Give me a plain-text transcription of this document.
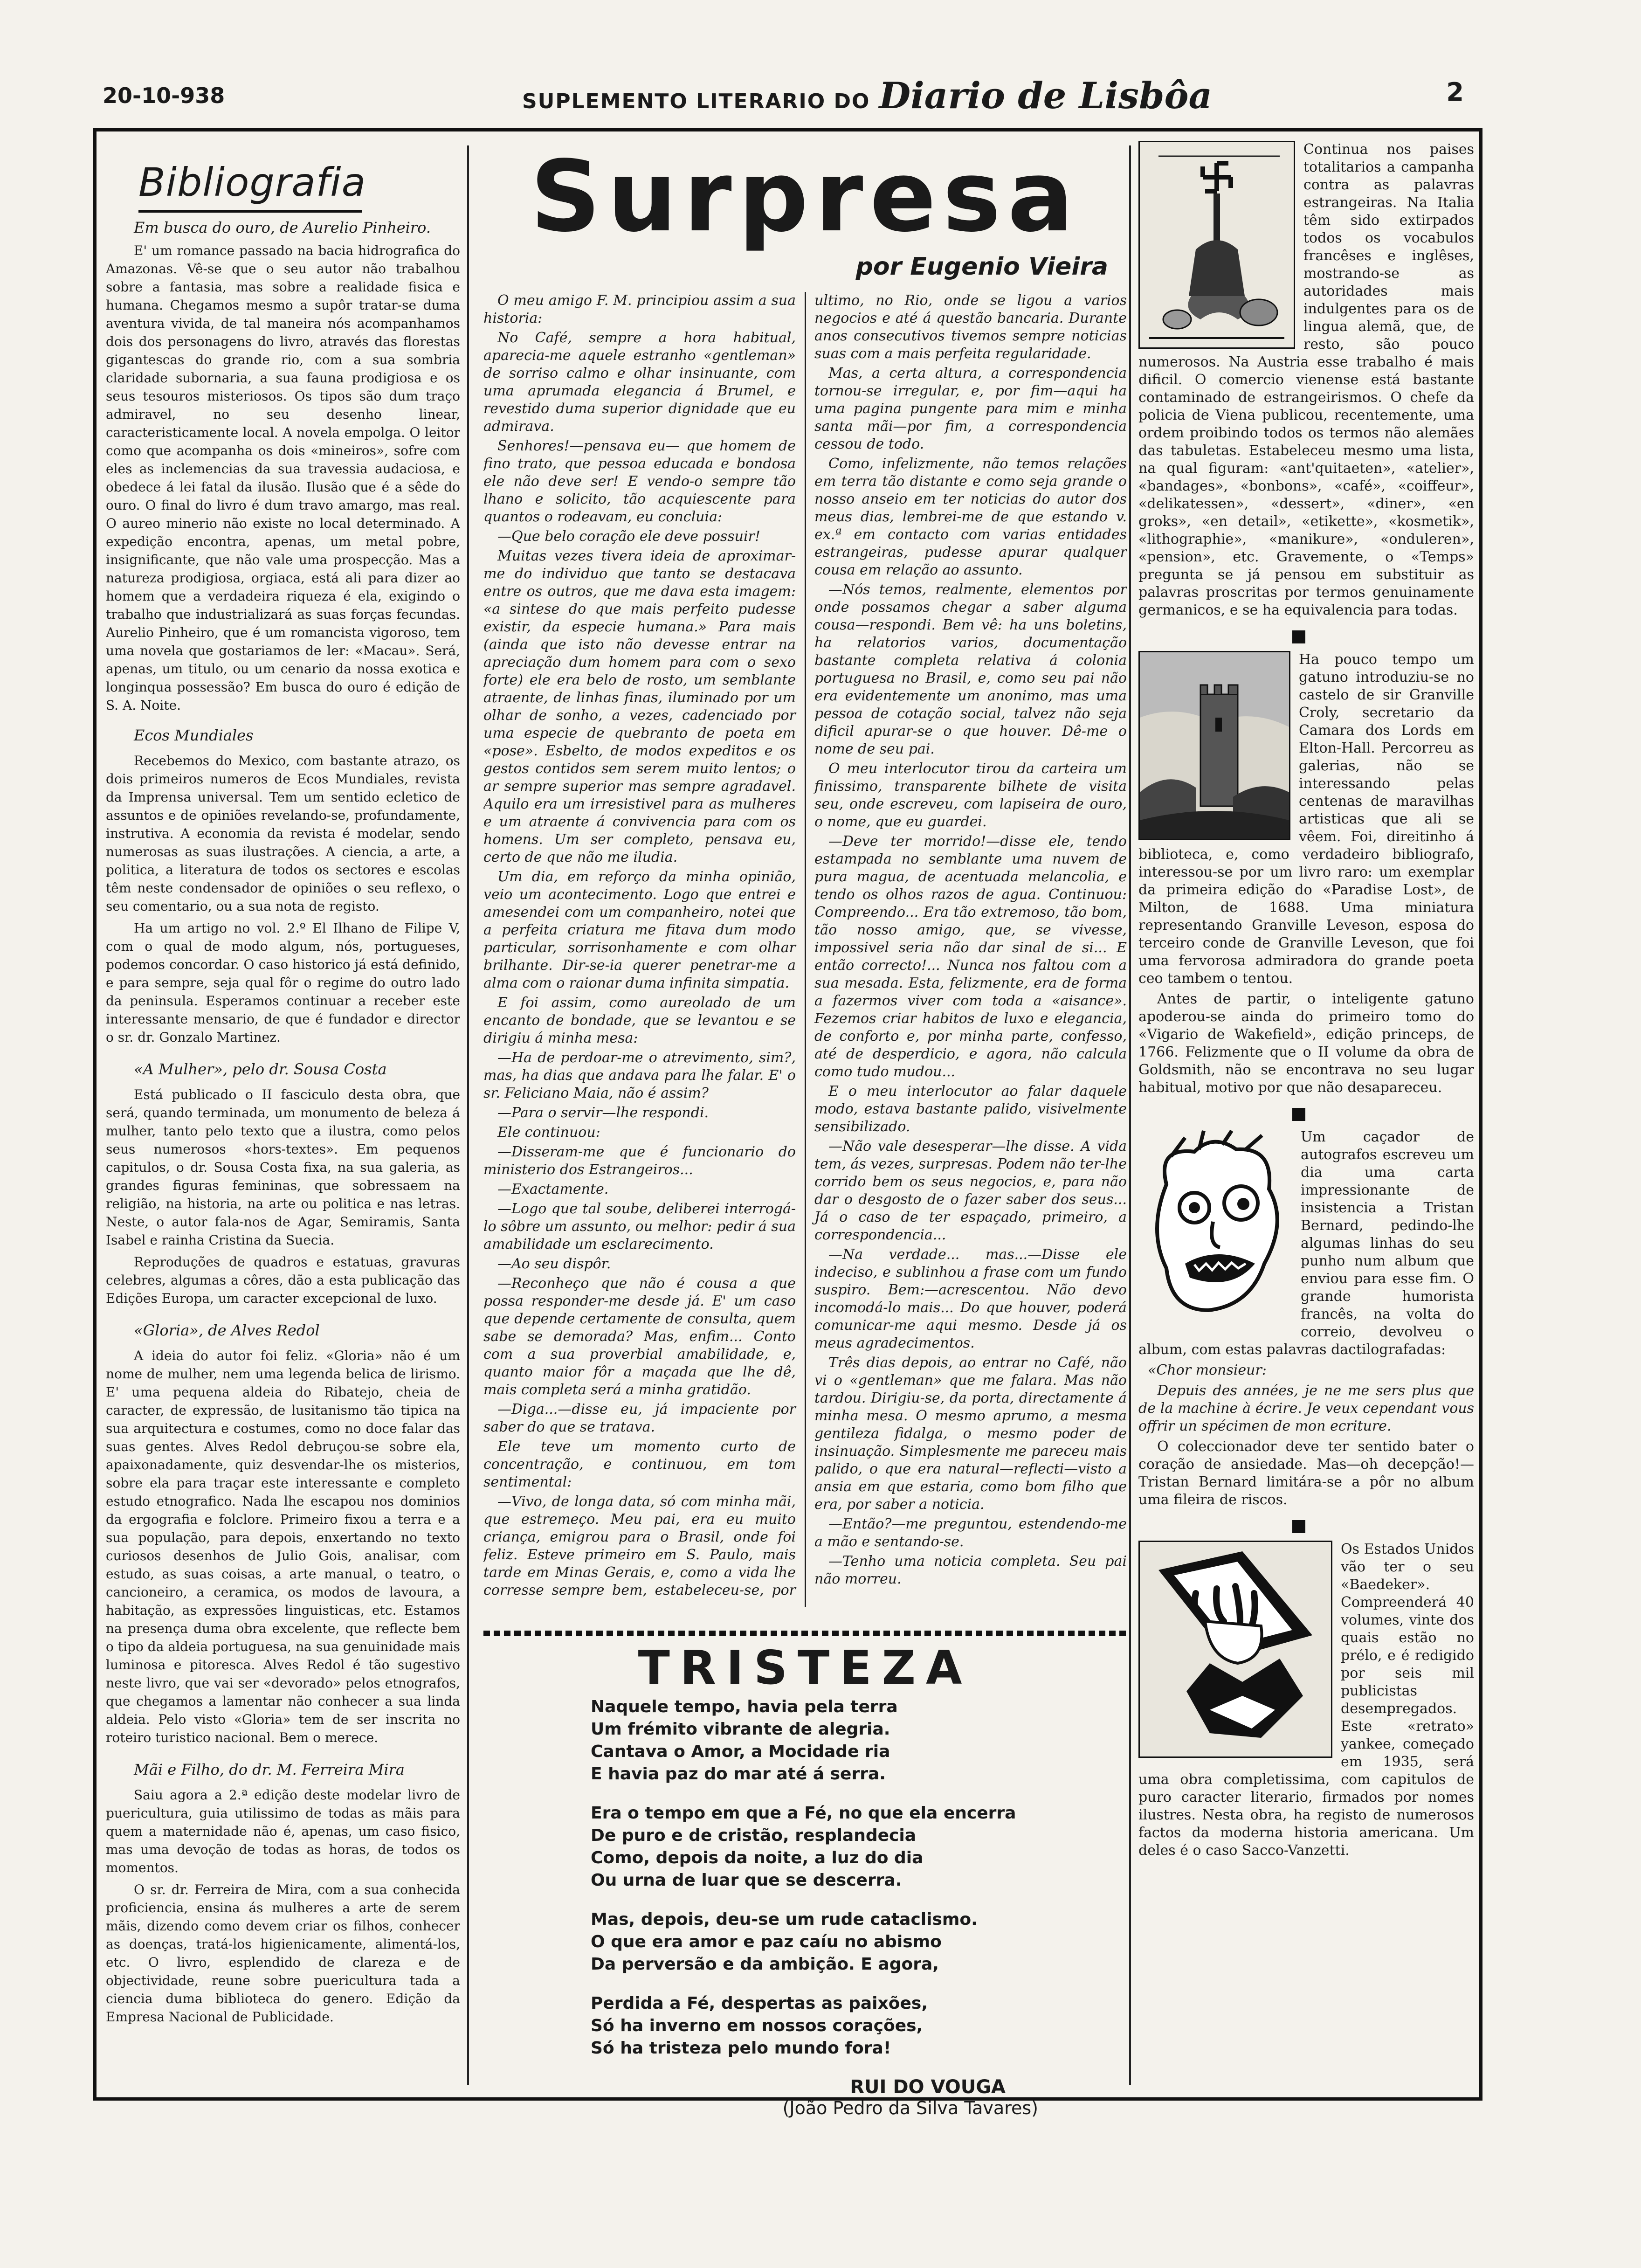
20-10-938	SUPLEMENTO LITERARIO DO Diario de Lisbôa	2
Bibliografia

Em busca do ouro, de Aurelio Pinheiro.

E' um romance passado na bacia hidrografica do Amazonas. Vê-se que o seu autor não trabalhou sobre a fantasia, mas sobre a realidade fisica e humana. Chegamos mesmo a supôr tratar-se duma aventura vivida, de tal maneira nós acompanhamos dois dos personagens do livro, através das florestas gigantescas do grande rio, com a sua sombria claridade subornaria, a sua fauna prodigiosa e os seus tesouros misteriosos. Os tipos são dum traço admiravel, no seu desenho linear, caracteristicamente local. A novela empolga. O leitor como que acompanha os dois «mineiros», sofre com eles as inclemencias da sua travessia audaciosa, e obedece á lei fatal da ilusão. Ilusão que é a sêde do ouro. O final do livro é dum travo amargo, mas real. O aureo minerio não existe no local determinado. A expedição encontra, apenas, um metal pobre, insignificante, que não vale uma prospecção. Mas a natureza prodigiosa, orgiaca, está ali para dizer ao homem que a verdadeira riqueza é ela, exigindo o trabalho que industrializará as suas forças fecundas. Aurelio Pinheiro, que é um romancista vigoroso, tem uma novela que gostariamos de ler: «Macau». Será, apenas, um titulo, ou um cenario da nossa exotica e longinqua possessão? Em busca do ouro é edição de S. A. Noite.

Ecos Mundiales

Recebemos do Mexico, com bastante atrazo, os dois primeiros numeros de Ecos Mundiales, revista da Imprensa universal. Tem um sentido ecletico de assuntos e de opiniões revelando-se, profundamente, instrutiva. A economia da revista é modelar, sendo numerosas as suas ilustrações. A ciencia, a arte, a politica, a literatura de todos os sectores e escolas têm neste condensador de opiniões o seu reflexo, o seu comentario, ou a sua nota de registo.

Ha um artigo no vol. 2.º El Ilhano de Filipe V, com o qual de modo algum, nós, portugueses, podemos concordar. O caso historico já está definido, e para sempre, seja qual fôr o regime do outro lado da peninsula. Esperamos continuar a receber este interessante mensario, de que é fundador e director o sr. dr. Gonzalo Martinez.

«A Mulher», pelo dr. Sousa Costa

Está publicado o II fasciculo desta obra, que será, quando terminada, um monumento de beleza á mulher, tanto pelo texto que a ilustra, como pelos seus numerosos «hors-textes». Em pequenos capitulos, o dr. Sousa Costa fixa, na sua galeria, as grandes figuras femininas, que sobressaem na religião, na historia, na arte ou politica e nas letras. Neste, o autor fala-nos de Agar, Semiramis, Santa Isabel e rainha Cristina da Suecia.

Reproduções de quadros e estatuas, gravuras celebres, algumas a côres, dão a esta publicação das Edições Europa, um caracter excepcional de luxo.

«Gloria», de Alves Redol

A ideia do autor foi feliz. «Gloria» não é um nome de mulher, nem uma legenda belica de lirismo. E' uma pequena aldeia do Ribatejo, cheia de caracter, de expressão, de lusitanismo tão tipica na sua arquitectura e costumes, como no doce falar das suas gentes. Alves Redol debruçou-se sobre ela, apaixonadamente, quiz desvendar-lhe os misterios, sobre ela para traçar este interessante e completo estudo etnografico. Nada lhe escapou nos dominios da ergografia e folclore. Primeiro fixou a terra e a sua população, para depois, enxertando no texto curiosos desenhos de Julio Gois, analisar, com estudo, as suas coisas, a arte manual, o teatro, o cancioneiro, a ceramica, os modos de lavoura, a habitação, as expressões linguisticas, etc. Estamos na presença duma obra excelente, que reflecte bem o tipo da aldeia portuguesa, na sua genuinidade mais luminosa e pitoresca. Alves Redol é tão sugestivo neste livro, que vai ser «devorado» pelos etnografos, que chegamos a lamentar não conhecer a sua linda aldeia. Pelo visto «Gloria» tem de ser inscrita no roteiro turistico nacional. Bem o merece.

Mãi e Filho, do dr. M. Ferreira Mira

Saiu agora a 2.ª edição deste modelar livro de puericultura, guia utilissimo de todas as mãis para quem a maternidade não é, apenas, um caso fisico, mas uma devoção de todas as horas, de todos os momentos.

O sr. dr. Ferreira de Mira, com a sua conhecida proficiencia, ensina ás mulheres a arte de serem mãis, dizendo como devem criar os filhos, conhecer as doenças, tratá-los higienicamente, alimentá-los, etc. O livro, esplendido de clareza e de objectividade, reune sobre puericultura tada a ciencia duma biblioteca do genero. Edição da Empresa Nacional de Publicidade.

Surpresa
por Eugenio Vieira

O meu amigo F. M. principiou assim a sua historia:

No Café, sempre a hora habitual, aparecia-me aquele estranho «gentleman» de sorriso calmo e olhar insinuante, com uma aprumada elegancia á Brumel, e revestido duma superior dignidade que eu admirava.

Senhores!—pensava eu— que homem de fino trato, que pessoa educada e bondosa ele não deve ser! E vendo-o sempre tão lhano e solicito, tão acquiescente para quantos o rodeavam, eu concluia:

—Que belo coração ele deve possuir!

Muitas vezes tivera ideia de aproximar-me do individuo que tanto se destacava entre os outros, que me dava esta imagem: «a sintese do que mais perfeito pudesse existir, da especie humana.» Para mais (ainda que isto não devesse entrar na apreciação dum homem para com o sexo forte) ele era belo de rosto, um semblante atraente, de linhas finas, iluminado por um olhar de sonho, a vezes, cadenciado por uma especie de quebranto de poeta em «pose». Esbelto, de modos expeditos e os gestos contidos sem serem muito lentos; o ar sempre superior mas sempre agradavel. Aquilo era um irresistivel para as mulheres e um atraente á convivencia para com os homens. Um ser completo, pensava eu, certo de que não me iludia.

Um dia, em reforço da minha opinião, veio um acontecimento. Logo que entrei e amesendei com um companheiro, notei que a perfeita criatura me fitava dum modo particular, sorrisonhamente e com olhar brilhante. Dir-se-ia querer penetrar-me a alma com o raionar duma infinita simpatia.

E foi assim, como aureolado de um encanto de bondade, que se levantou e se dirigiu á minha mesa:

—Ha de perdoar-me o atrevimento, sim?, mas, ha dias que andava para lhe falar. E' o sr. Feliciano Maia, não é assim?

—Para o servir—lhe respondi.

Ele continuou:

—Disseram-me que é funcionario do ministerio dos Estrangeiros...

—Exactamente.

—Logo que tal soube, deliberei interrogá-lo sôbre um assunto, ou melhor: pedir á sua amabilidade um esclarecimento.

—Ao seu dispôr.

—Reconheço que não é cousa a que possa responder-me desde já. E' um caso que depende certamente de consulta, quem sabe se demorada? Mas, enfim... Conto com a sua proverbial amabilidade, e, quanto maior fôr a maçada que lhe dê, mais completa será a minha gratidão.

—Diga...—disse eu, já impaciente por saber do que se tratava.

Ele teve um momento curto de concentração, e continuou, em tom sentimental:

—Vivo, de longa data, só com minha mãi, que estremeço. Meu pai, era eu muito criança, emigrou para o Brasil, onde foi feliz. Esteve primeiro em S. Paulo, mais tarde em Minas Gerais, e, como a vida lhe corresse sempre bem, estabeleceu-se, por ultimo, no Rio, onde se ligou a varios negocios e até á questão bancaria. Durante anos consecutivos tivemos sempre noticias suas com a mais perfeita regularidade.

Mas, a certa altura, a correspondencia tornou-se irregular, e, por fim—aqui ha uma pagina pungente para mim e minha santa mãi—por fim, a correspondencia cessou de todo.

Como, infelizmente, não temos relações em terra tão distante e como seja grande o nosso anseio em ter noticias do autor dos meus dias, lembrei-me de que estando v. ex.ª em contacto com varias entidades estrangeiras, pudesse apurar qualquer cousa em relação ao assunto.

—Nós temos, realmente, elementos por onde possamos chegar a saber alguma cousa—respondi. Bem vê: ha uns boletins, ha relatorios varios, documentação bastante completa relativa á colonia portuguesa no Brasil, e, como seu pai não era evidentemente um anonimo, mas uma pessoa de cotação social, talvez não seja dificil apurar-se o que houver. Dê-me o nome de seu pai.

O meu interlocutor tirou da carteira um finissimo, transparente bilhete de visita seu, onde escreveu, com lapiseira de ouro, o nome, que eu guardei.

—Deve ter morrido!—disse ele, tendo estampada no semblante uma nuvem de pura magua, de acentuada melancolia, e tendo os olhos razos de agua. Continuou: Compreendo... Era tão extremoso, tão bom, tão nosso amigo, que, se vivesse, impossivel seria não dar sinal de si... E então correcto!... Nunca nos faltou com a sua mesada. Esta, felizmente, era de forma a fazermos viver com toda a «aisance». Fezemos criar habitos de luxo e elegancia, de conforto e, por minha parte, confesso, até de desperdicio, e agora, não calcula como tudo mudou...

E o meu interlocutor ao falar daquele modo, estava bastante palido, visivelmente sensibilizado.

—Não vale desesperar—lhe disse. A vida tem, ás vezes, surpresas. Podem não ter-lhe corrido bem os seus negocios, e, para não dar o desgosto de o fazer saber dos seus... Já o caso de ter espaçado, primeiro, a correspondencia...

—Na verdade... mas...—Disse ele indeciso, e sublinhou a frase com um fundo suspiro. Bem:—acrescentou. Não devo incomodá-lo mais... Do que houver, poderá comunicar-me aqui mesmo. Desde já os meus agradecimentos.

Três dias depois, ao entrar no Café, não vi o «gentleman» que me falara. Mas não tardou. Dirigiu-se, da porta, directamente á minha mesa. O mesmo aprumo, a mesma gentileza fidalga, o mesmo poder de insinuação. Simplesmente me pareceu mais palido, o que era natural—reflecti—visto a ansia em que estaria, como bom filho que era, por saber a noticia.

—Então?—me preguntou, estendendo-me a mão e sentando-se.

—Tenho uma noticia completa. Seu pai não morreu.

TRISTEZA
Naquele tempo, havia pela terra
Um frémito vibrante de alegria.
Cantava o Amor, a Mocidade ria
E havia paz do mar até á serra.
Era o tempo em que a Fé, no que ela encerra
De puro e de cristão, resplandecia
Como, depois da noite, a luz do dia
Ou urna de luar que se descerra.
Mas, depois, deu-se um rude cataclismo.
O que era amor e paz caíu no abismo
Da perversão e da ambição. E agora,
Perdida a Fé, despertas as paixões,
Só ha inverno em nossos corações,
Só ha tristeza pelo mundo fora!
RUI DO VOUGA
(João Pedro da Silva Tavares)

Continua nos paises totalitarios a campanha contra as palavras estrangeiras. Na Italia têm sido extirpados todos os vocabulos francêses e inglêses, mostrando-se as autoridades mais indulgentes para os de lingua alemã, que, de resto, são pouco numerosos. Na Austria esse trabalho é mais dificil. O comercio vienense está bastante contaminado de estrangeirismos. O chefe da policia de Viena publicou, recentemente, uma ordem proibindo todos os termos não alemães das tabuletas. Estabeleceu mesmo uma lista, na qual figuram: «ant'quitaeten», «atelier», «bandages», «bonbons», «café», «coiffeur», «delikatessen», «dessert», «diner», «en groks», «en detail», «etikette», «kosmetik», «lithographie», «manikure», «onduleren», «pension», etc. Gravemente, o «Temps» pregunta se já pensou em substituir as palavras proscritas por termos genuinamente germanicos, e se ha equivalencia para todas.

Ha pouco tempo um gatuno introduziu-se no castelo de sir Granville Croly, secretario da Camara dos Lords em Elton-Hall. Percorreu as galerias, não se interessando pelas centenas de maravilhas artisticas que ali se vêem. Foi, direitinho á biblioteca, e, como verdadeiro bibliografo, interessou-se por um livro raro: um exemplar da primeira edição do «Paradise Lost», de Milton, de 1688. Uma miniatura representando Granville Leveson, esposa do terceiro conde de Granville Leveson, que foi uma fervorosa admiradora do grande poeta ceo tambem o tentou.

Antes de partir, o inteligente gatuno apoderou-se ainda do primeiro tomo do «Vigario de Wakefield», edição princeps, de 1766. Felizmente que o II volume da obra de Goldsmith, não se encontrava no seu lugar habitual, motivo por que não desapareceu.

Um caçador de autografos escreveu um dia uma carta impressionante de insistencia a Tristan Bernard, pedindo-lhe algumas linhas do seu punho num album que enviou para esse fim. O grande humorista francês, na volta do correio, devolveu o album, com estas palavras dactilografadas:

«Chor monsieur:

Depuis des années, je ne me sers plus que de la machine à écrire. Je veux cependant vous offrir un spécimen de mon ecriture.

O coleccionador deve ter sentido bater o coração de ansiedade. Mas—oh decepção!—Tristan Bernard limitára-se a pôr no album uma fileira de riscos.

Os Estados Unidos vão ter o seu «Baedeker». Compreenderá 40 volumes, vinte dos quais estão no prélo, e é redigido por seis mil publicistas desempregados. Este «retrato» yankee, começado em 1935, será uma obra completissima, com capitulos de puro caracter literario, firmados por nomes ilustres. Nesta obra, ha registo de numerosos factos da moderna historia americana. Um deles é o caso Sacco-Vanzetti.
